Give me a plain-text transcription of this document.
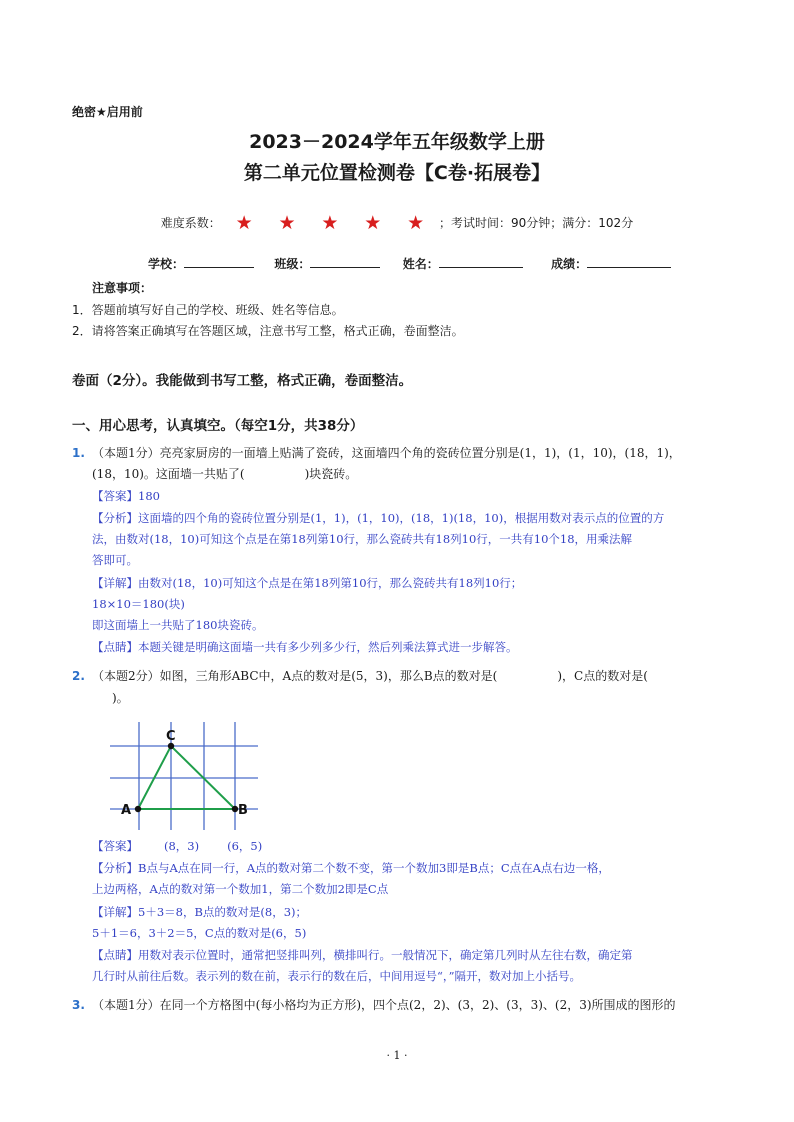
绝密★启用前
2023－2024学年五年级数学上册
第二单元位置检测卷【C卷·拓展卷】
难度系数： ★ ★ ★ ★ ★ ；考试时间：90分钟；满分：102分
学校：	班级：	姓名：	成绩：
注意事项：
1．答题前填写好自己的学校、班级、姓名等信息。
2．请将答案正确填写在答题区域，注意书写工整，格式正确，卷面整洁。
卷面（2分）。我能做到书写工整，格式正确，卷面整洁。
一、用心思考，认真填空。（每空1分，共38分）
1. （本题1分）亮亮家厨房的一面墙上贴满了瓷砖，这面墙四个角的瓷砖位置分别是(1，1)，(1，10)，(18，1)，
(18，10)。这面墙一共贴了(	)块瓷砖。
【答案】180
【分析】这面墙的四个角的瓷砖位置分别是(1，1)，(1，10)，(18，1)(18，10)，根据用数对表示点的位置的方
法，由数对(18，10)可知这个点是在第18列第10行，那么瓷砖共有18列10行，一共有10个18，用乘法解
答即可。
【详解】由数对(18，10)可知这个点是在第18列第10行，那么瓷砖共有18列10行；
18×10＝180(块)
即这面墙上一共贴了180块瓷砖。
【点睛】本题关键是明确这面墙一共有多少列多少行，然后列乘法算式进一步解答。
2. （本题2分）如图，三角形ABC中，A点的数对是(5，3)，那么B点的数对是(	)，C点的数对是(
)。
A	B
C
【答案】 (8，3) (6，5)
【分析】B点与A点在同一行，A点的数对第二个数不变，第一个数加3即是B点；C点在A点右边一格，
上边两格，A点的数对第一个数加1，第二个数加2即是C点
【详解】5＋3＝8，B点的数对是(8，3)；
5＋1＝6，3＋2＝5，C点的数对是(6，5)
【点睛】用数对表示位置时，通常把竖排叫列，横排叫行。一般情况下，确定第几列时从左往右数，确定第
几行时从前往后数。表示列的数在前，表示行的数在后，中间用逗号“，”隔开，数对加上小括号。
3. （本题1分）在同一个方格图中(每小格均为正方形)，四个点(2，2)、(3，2)、(3，3)、(2，3)所围成的图形的
· 1 ·
